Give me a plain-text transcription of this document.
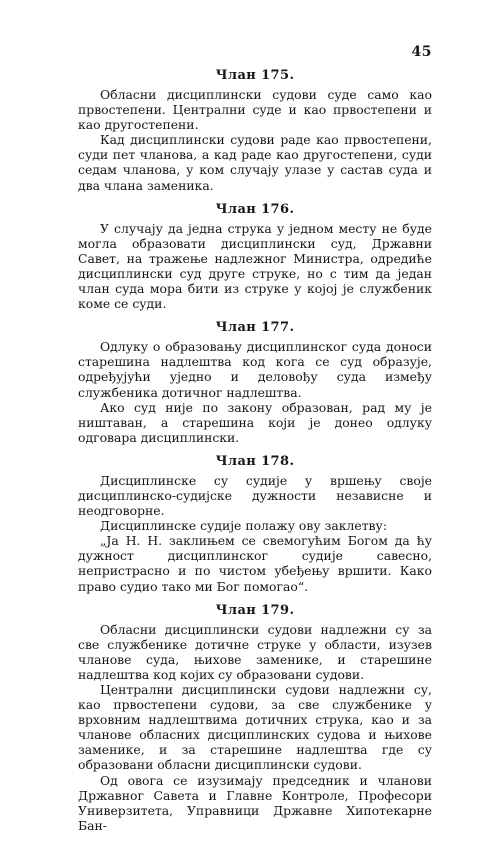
45
Члан 175.

Обласни дисциплински судови суде само као првостепени. Централни суде и као првостепени и као другостепени.

Кад дисциплински судови раде као првостепени, суди пет чланова, а кад раде као другостепени, суди седам чланова, у ком случају улазе у састав суда и два члана заменика.

Члан 176.

У случају да једна струка у једном месту не буде могла образовати дисциплински суд, Државни Савет, на тражење надлежног Министра, одредиће дисциплински суд друге струке, но с тим да један члан суда мора бити из струке у којој је службеник коме се суди.

Члан 177.

Одлуку о образовању дисциплинског суда доноси старешина надлештва код кога се суд образује, одређујући уједно и деловођу суда између службеника дотичног надлештва.

Ако суд није по закону образован, рад му је ништаван, а старешина који је донео одлуку одговара дисциплински.

Члан 178.

Дисциплинске су судије у вршењу своје дисциплинско-судијске дужности независне и неодговорне.

Дисциплинске судије полажу ову заклетву:

„Ја Н. Н. заклињем се свемогућим Богом да ћу дужност дисциплинског судије савесно, непристрасно и по чистом убеђењу вршити. Како право судио тако ми Бог помогао“.

Члан 179.

Обласни дисциплински судови надлежни су за све службенике дотичне струке у области, изузев чланове суда, њихове заменике, и старешине надлештва код којих су образовани судови.

Централни дисциплински судови надлежни су, као првостепени судови, за све службенике у врховним надлештвима дотичних струка, као и за чланове обласних дисциплинских судова и њихове заменике, и за старешине надлештва где су образовани обласни дисциплински судови.

Од овога се изузимају председник и чланови Државног Савета и Главне Контроле, Професори Универзитета, Управници Државне Хипотекарне Бан-
